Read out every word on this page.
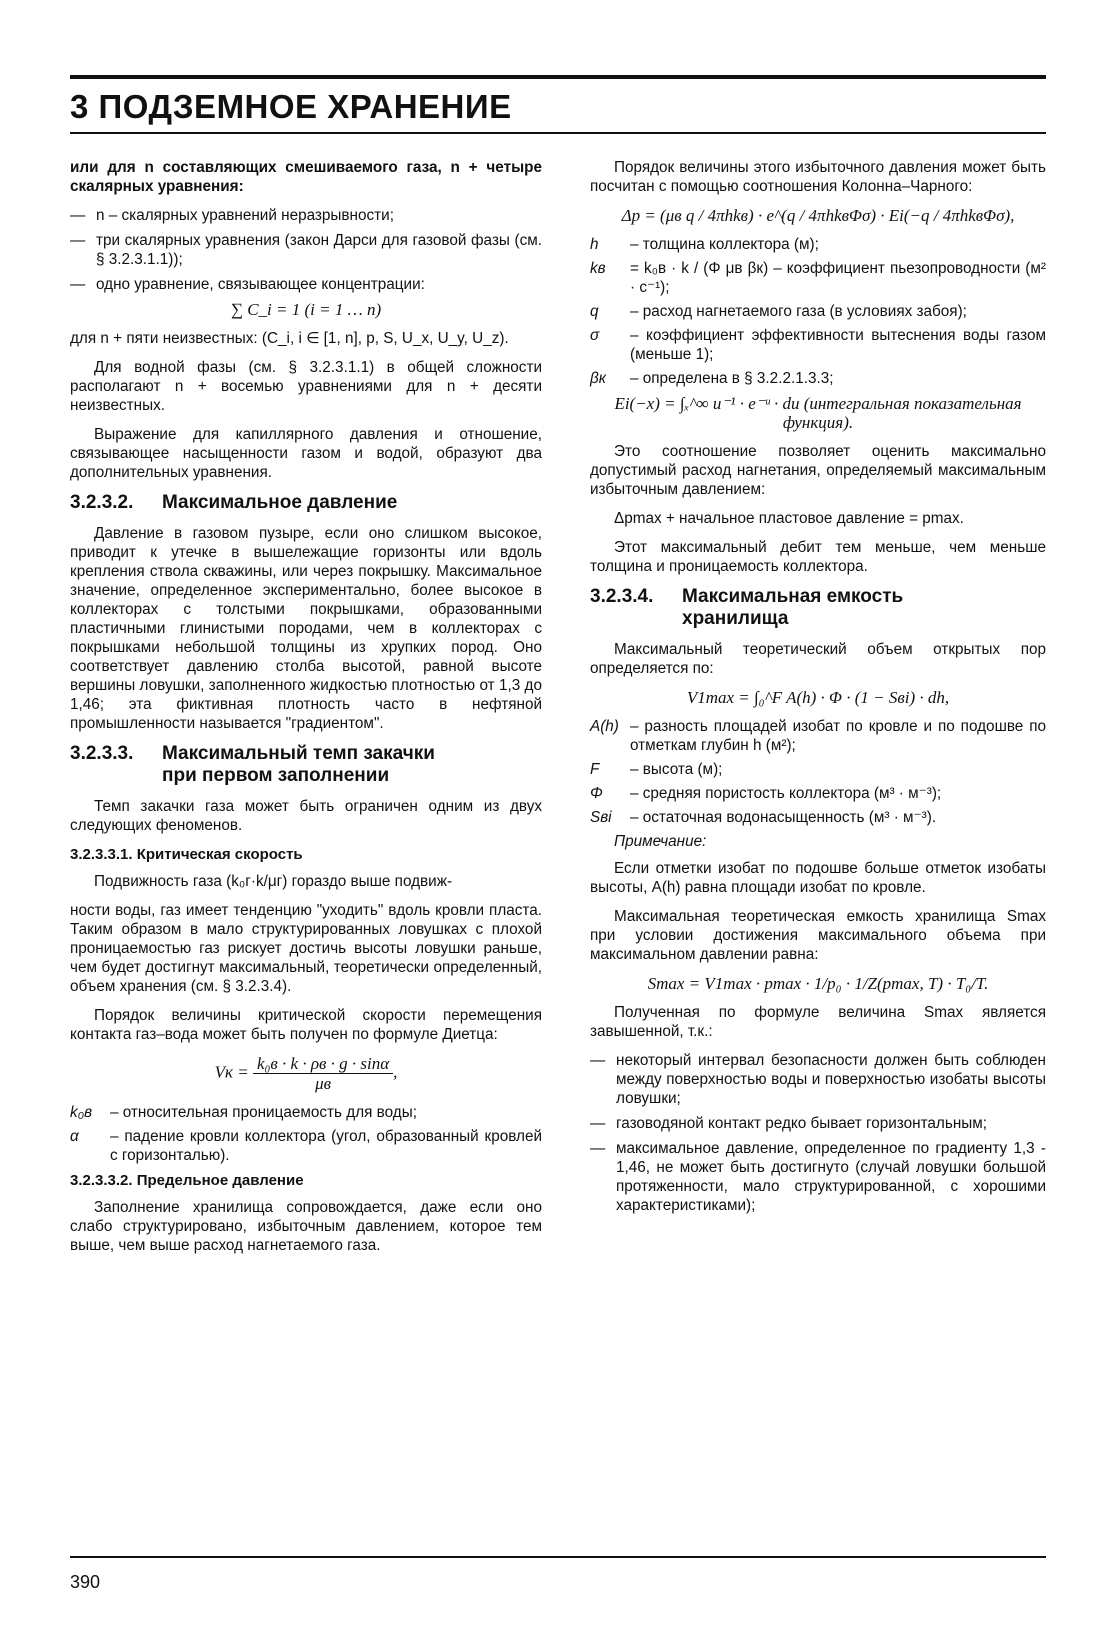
3 ПОДЗЕМНОЕ ХРАНЕНИЕ

или для n составляющих смешиваемого газа, n + четыре скалярных уравнения:

— n – скалярных уравнений неразрывности;
— три скалярных уравнения (закон Дарси для газовой фазы (см. § 3.2.3.1.1));
— одно уравнение, связывающее концентрации:
∑ C_i = 1 (i = 1 … n)

для n + пяти неизвестных: (C_i, i ∈ [1, n], p, S, U_x, U_y, U_z).

Для водной фазы (см. § 3.2.3.1.1) в общей сложности располагают n + восемью уравнениями для n + десяти неизвестных.

Выражение для капиллярного давления и отношение, связывающее насыщенности газом и водой, образуют два дополнительных уравнения.

3.2.3.2. Максимальное давление

Давление в газовом пузыре, если оно слишком высокое, приводит к утечке в вышележащие горизонты или вдоль крепления ствола скважины, или через покрышку. Максимальное значение, определенное экспериментально, более высокое в коллекторах с толстыми покрышками, образованными пластичными глинистыми породами, чем в коллекторах с покрышками небольшой толщины из хрупких пород. Оно соответствует давлению столба высотой, равной высоте вершины ловушки, заполненного жидкостью плотностью от 1,3 до 1,46; эта фиктивная плотность часто в нефтяной промышленности называется "градиентом".

3.2.3.3. Максимальный темп закачки
при первом заполнении

Темп закачки газа может быть ограничен одним из двух следующих феноменов.

3.2.3.3.1. Критическая скорость

Подвижность газа (k₀г·k/μг) гораздо выше подвиж-

ности воды, газ имеет тенденцию "уходить" вдоль кровли пласта. Таким образом в мало структурированных ловушках с плохой проницаемостью газ рискует достичь высоты ловушки раньше, чем будет достигнут максимальный, теоретически определенный, объем хранения (см. § 3.2.3.4).

Порядок величины критической скорости перемещения контакта газ–вода может быть получен по формуле Диетца:

Vк = $\frac{\text{k₀в · k · ρв · g · sinα}}{\mu в}$ ,
k₀в	– относительная проницаемость для воды;
α	– падение кровли коллектора (угол, образованный кровлей с горизонталью).
3.2.3.3.2. Предельное давление

Заполнение хранилища сопровождается, даже если оно слабо структурировано, избыточным давлением, которое тем выше, чем выше расход нагнетаемого газа.

Порядок величины этого избыточного давления может быть посчитан с помощью соотношения Колонна–Чарного:

Δp = (μв q / 4πhkв) · e^(q / 4πhkвΦσ) · Ei(−q / 4πhkвΦσ),
h	– толщина коллектора (м);
kв	= k₀в · k / (Φ μв βк) – коэффициент пьезопроводности (м² · с⁻¹);
q	– расход нагнетаемого газа (в условиях забоя);
σ	– коэффициент эффективности вытеснения воды газом (меньше 1);
βк	– определена в § 3.2.2.1.3.3;
Ei(−x) = ∫ₓ^∞ u⁻¹ · e⁻ᵘ · du (интегральная показательная функция).

Это соотношение позволяет оценить максимально допустимый расход нагнетания, определяемый максимальным избыточным давлением:

Δpmax + начальное пластовое давление = pmax.

Этот максимальный дебит тем меньше, чем меньше толщина и проницаемость коллектора.

3.2.3.4. Максимальная емкость
хранилища

Максимальный теоретический объем открытых пор определяется по:

V1max = ∫₀^F A(h) · Φ · (1 − Sвi) · dh,
A(h) – разность площадей изобат по кровле и по подошве по отметкам глубин h (м²);
F	– высота (м);
Φ	– средняя пористость коллектора (м³ · м⁻³);
Sвi	– остаточная водонасыщенность (м³ · м⁻³).
Примечание:

Если отметки изобат по подошве больше отметок изобаты высоты, A(h) равна площади изобат по кровле.

Максимальная теоретическая емкость хранилища Smax при условии достижения максимального объема при максимальном давлении равна:

Smax = V1max · pmax · 1/p₀ · 1/Z(pmax, T) · T₀/T.

Полученная по формуле величина Smax является завышенной, т.к.:

— некоторый интервал безопасности должен быть соблюден между поверхностью воды и поверхностью изобаты высоты ловушки;
— газоводяной контакт редко бывает горизонтальным;
— максимальное давление, определенное по градиенту 1,3 - 1,46, не может быть достигнуто (случай ловушки большой протяженности, мало структурированной, с хорошими характеристиками);
390
